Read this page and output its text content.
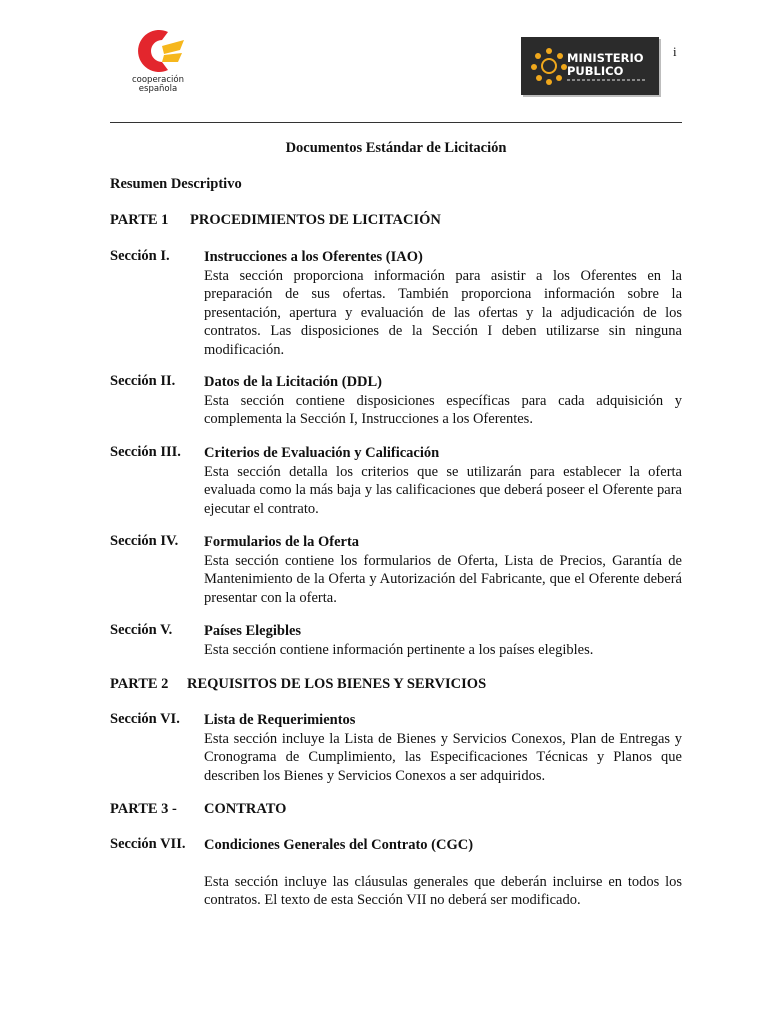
cooperación
española
MINISTERIO
PUBLICO
i
Documentos Estándar de Licitación
Resumen Descriptivo
PARTE 1 PROCEDIMIENTOS DE LICITACIÓN
Sección I. Instrucciones a los Oferentes (IAO)
Esta sección proporciona información para asistir a los Oferentes en la preparación de sus ofertas. También proporciona información sobre la presentación, apertura y evaluación de las ofertas y la adjudicación de los contratos. Las disposiciones de la Sección I deben utilizarse sin ninguna modificación.
Sección II. Datos de la Licitación (DDL)
Esta sección contiene disposiciones específicas para cada adquisición y complementa la Sección I, Instrucciones a los Oferentes.
Sección III. Criterios de Evaluación y Calificación
Esta sección detalla los criterios que se utilizarán para establecer la oferta evaluada como la más baja y las calificaciones que deberá poseer el Oferente para ejecutar el contrato.
Sección IV. Formularios de la Oferta
Esta sección contiene los formularios de Oferta, Lista de Precios, Garantía de Mantenimiento de la Oferta y Autorización del Fabricante, que el Oferente deberá presentar con la oferta.
Sección V. Países Elegibles
Esta sección contiene información pertinente a los países elegibles.
PARTE 2 REQUISITOS DE LOS BIENES Y SERVICIOS
Sección VI. Lista de Requerimientos
Esta sección incluye la Lista de Bienes y Servicios Conexos, Plan de Entregas y Cronograma de Cumplimiento, las Especificaciones Técnicas y Planos que describen los Bienes y Servicios Conexos a ser adquiridos.
PARTE 3 - CONTRATO
Sección VII. Condiciones Generales del Contrato (CGC)
Esta sección incluye las cláusulas generales que deberán incluirse en todos los contratos. El texto de esta Sección VII no deberá ser modificado.
